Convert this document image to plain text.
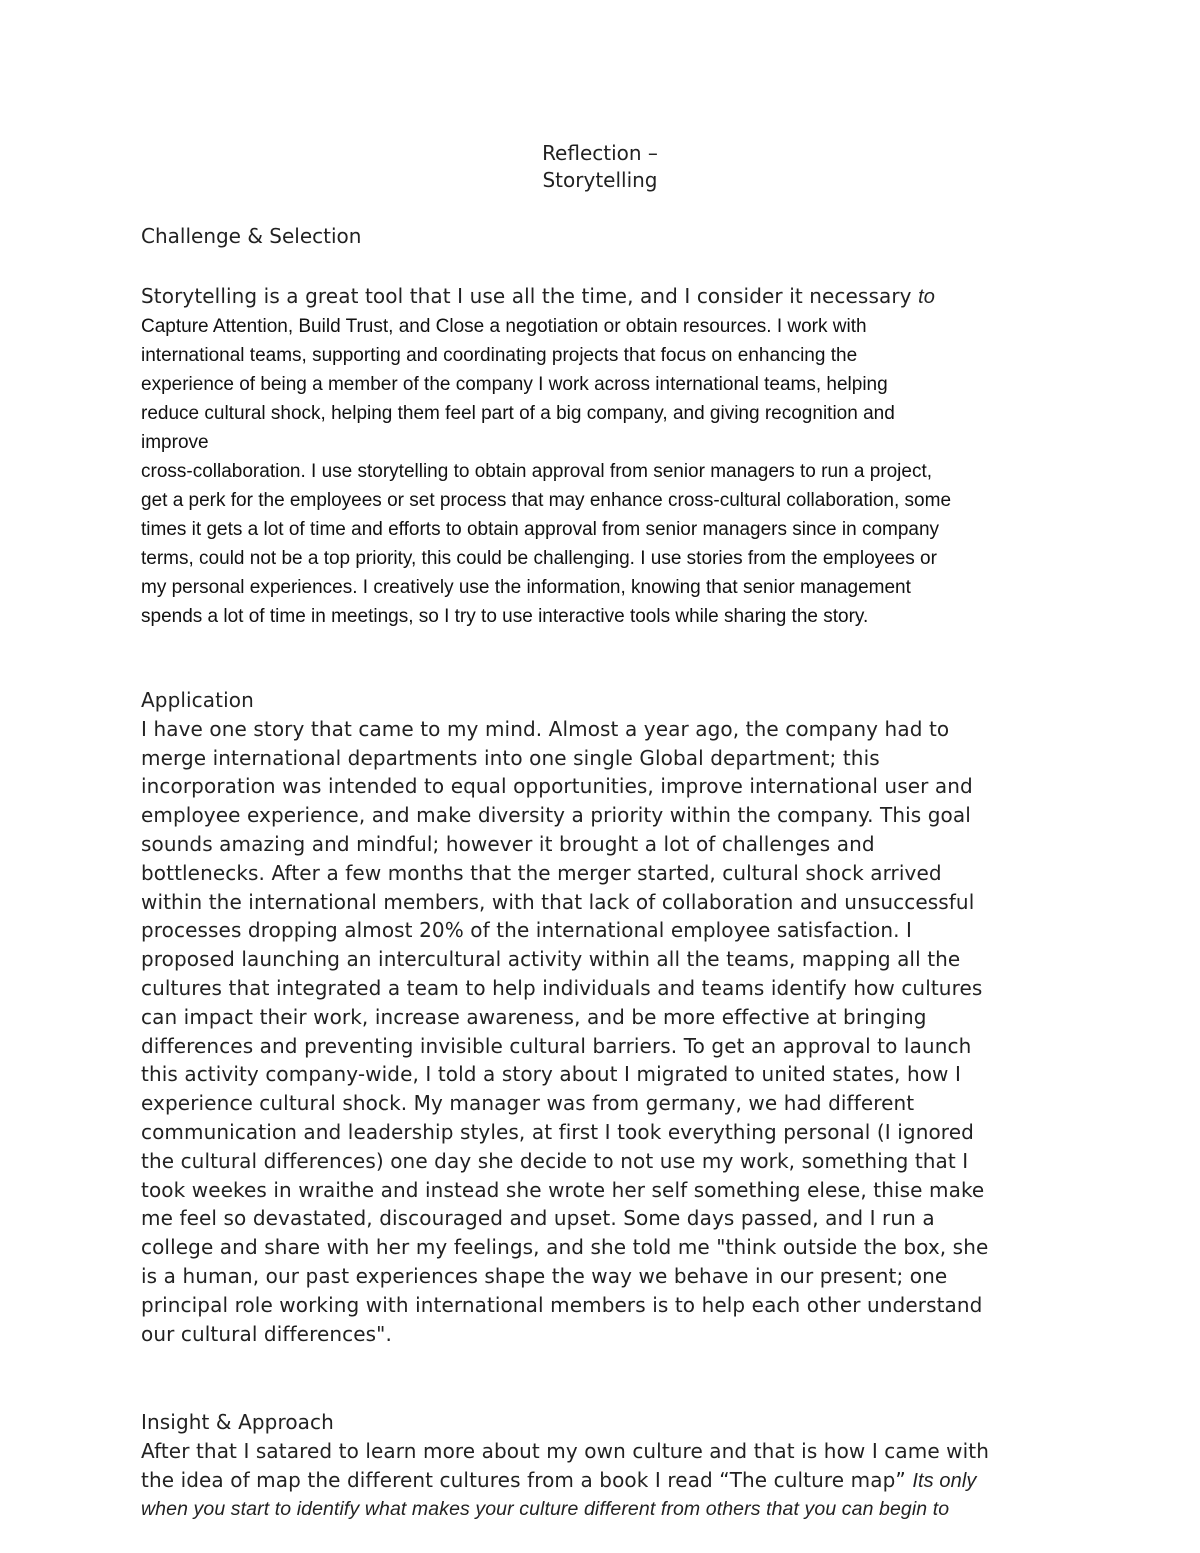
Reflection –
Storytelling
Challenge & Selection
Storytelling is a great tool that I use all the time, and I consider it necessary to
Capture Attention, Build Trust, and Close a negotiation or obtain resources. I work with
international teams, supporting and coordinating projects that focus on enhancing the
experience of being a member of the company I work across international teams, helping
reduce cultural shock, helping them feel part of a big company, and giving recognition and
improve
cross-collaboration. I use storytelling to obtain approval from senior managers to run a project,
get a perk for the employees or set process that may enhance cross-cultural collaboration, some
times it gets a lot of time and efforts to obtain approval from senior managers since in company
terms, could not be a top priority, this could be challenging. I use stories from the employees or
my personal experiences. I creatively use the information, knowing that senior management
spends a lot of time in meetings, so I try to use interactive tools while sharing the story.
Application
I have one story that came to my mind. Almost a year ago, the company had to
merge international departments into one single Global department; this
incorporation was intended to equal opportunities, improve international user and
employee experience, and make diversity a priority within the company. This goal
sounds amazing and mindful; however it brought a lot of challenges and
bottlenecks. After a few months that the merger started, cultural shock arrived
within the international members, with that lack of collaboration and unsuccessful
processes dropping almost 20% of the international employee satisfaction. I
proposed launching an intercultural activity within all the teams, mapping all the
cultures that integrated a team to help individuals and teams identify how cultures
can impact their work, increase awareness, and be more effective at bringing
differences and preventing invisible cultural barriers. To get an approval to launch
this activity company-wide, I told a story about I migrated to united states, how I
experience cultural shock. My manager was from germany, we had different
communication and leadership styles, at first I took everything personal (I ignored
the cultural differences) one day she decide to not use my work, something that I
took weekes in wraithe and instead she wrote her self something elese, thise make
me feel so devastated, discouraged and upset. Some days passed, and I run a
college and share with her my feelings, and she told me "think outside the box, she
is a human, our past experiences shape the way we behave in our present; one
principal role working with international members is to help each other understand
our cultural differences".
Insight & Approach
After that I satared to learn more about my own culture and that is how I came with
the idea of map the different cultures from a book I read “The culture map” Its only
when you start to identify what makes your culture different from others that you can begin to
